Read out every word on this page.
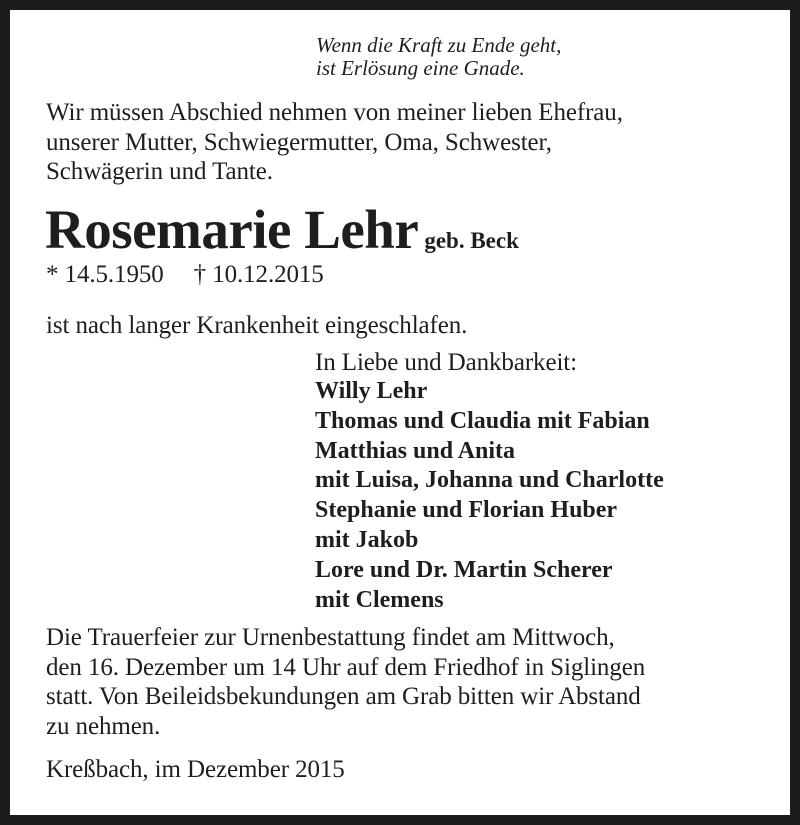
Wenn die Kraft zu Ende geht,
ist Erlösung eine Gnade.
Wir müssen Abschied nehmen von meiner lieben Ehefrau,
unserer Mutter, Schwiegermutter, Oma, Schwester,
Schwägerin und Tante.
Rosemarie Lehr geb. Beck
* 14.5.1950 † 10.12.2015
ist nach langer Krankenheit eingeschlafen.
In Liebe und Dankbarkeit:
Willy Lehr
Thomas und Claudia mit Fabian
Matthias und Anita
mit Luisa, Johanna und Charlotte
Stephanie und Florian Huber
mit Jakob
Lore und Dr. Martin Scherer
mit Clemens
Die Trauerfeier zur Urnenbestattung findet am Mittwoch,
den 16. Dezember um 14 Uhr auf dem Friedhof in Siglingen
statt. Von Beileidsbekundungen am Grab bitten wir Abstand
zu nehmen.
Kreßbach, im Dezember 2015
